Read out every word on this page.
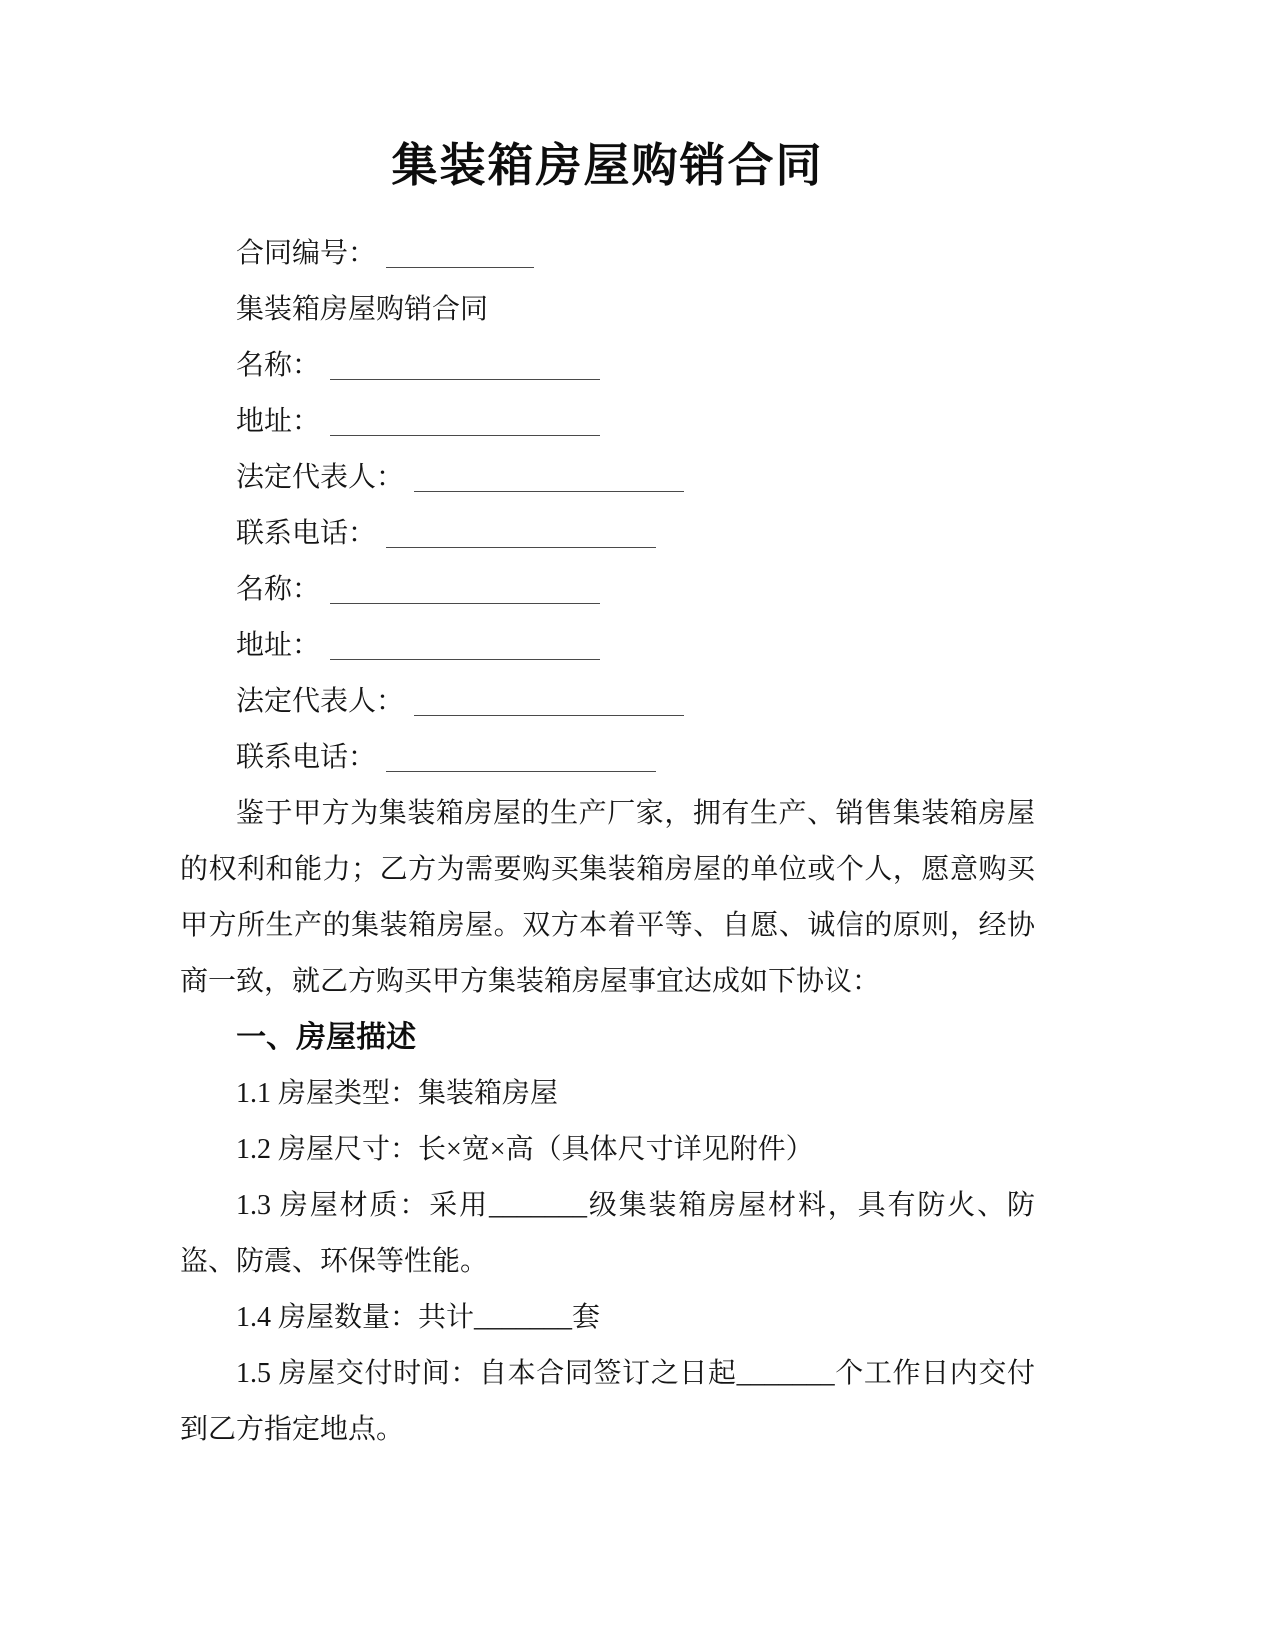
集装箱房屋购销合同
合同编号：
集装箱房屋购销合同
名称：
地址：
法定代表人：
联系电话：
名称：
地址：
法定代表人：
联系电话：

鉴于甲方为集装箱房屋的生产厂家，拥有生产、销售集装箱房屋的权利和能力；乙方为需要购买集装箱房屋的单位或个人，愿意购买甲方所生产的集装箱房屋。双方本着平等、自愿、诚信的原则，经协商一致，就乙方购买甲方集装箱房屋事宜达成如下协议：

一、房屋描述

1.1 房屋类型：集装箱房屋

1.2 房屋尺寸：长×宽×高（具体尺寸详见附件）

1.3 房屋材质：采用_______级集装箱房屋材料，具有防火、防盗、防震、环保等性能。

1.4 房屋数量：共计_______套

1.5 房屋交付时间：自本合同签订之日起_______个工作日内交付到乙方指定地点。
